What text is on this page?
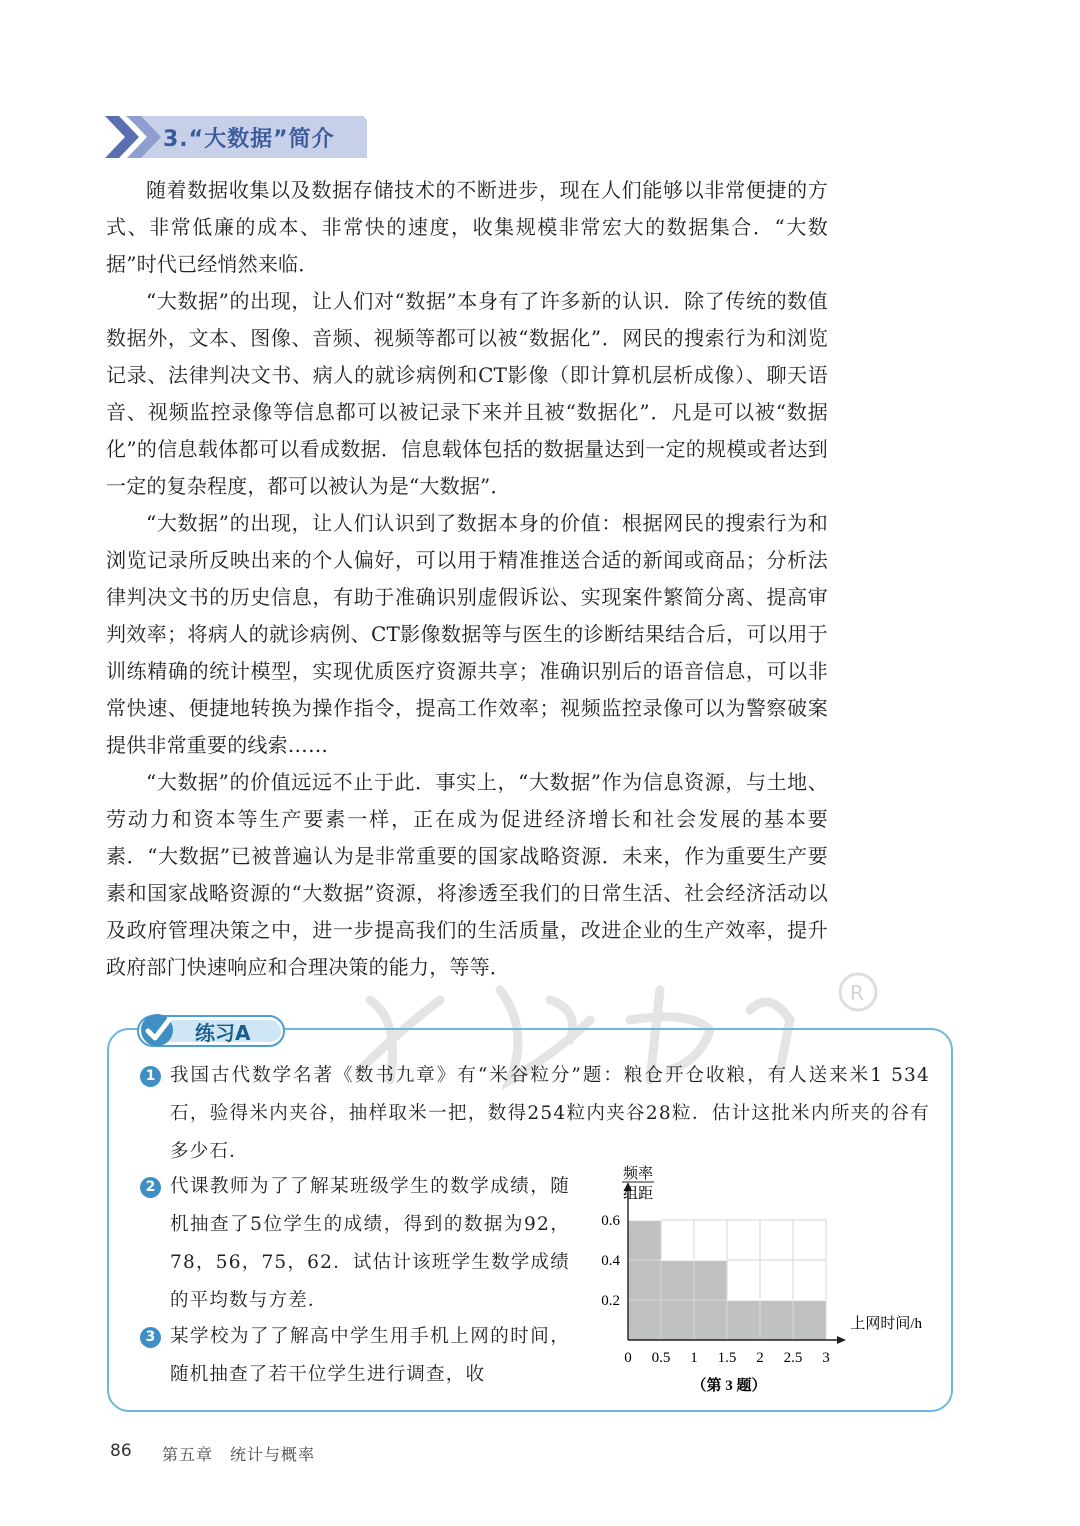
3.“大数据”简介
R

随着数据收集以及数据存储技术的不断进步，现在人们能够以非常便捷的方式、非常低廉的成本、非常快的速度，收集规模非常宏大的数据集合．“大数据”时代已经悄然来临．

“大数据”的出现，让人们对“数据”本身有了许多新的认识．除了传统的数值数据外，文本、图像、音频、视频等都可以被“数据化”．网民的搜索行为和浏览记录、法律判决文书、病人的就诊病例和CT影像（即计算机层析成像）、聊天语音、视频监控录像等信息都可以被记录下来并且被“数据化”．凡是可以被“数据化”的信息载体都可以看成数据．信息载体包括的数据量达到一定的规模或者达到一定的复杂程度，都可以被认为是“大数据”．

“大数据”的出现，让人们认识到了数据本身的价值：根据网民的搜索行为和浏览记录所反映出来的个人偏好，可以用于精准推送合适的新闻或商品；分析法律判决文书的历史信息，有助于准确识别虚假诉讼、实现案件繁简分离、提高审判效率；将病人的就诊病例、CT影像数据等与医生的诊断结果结合后，可以用于训练精确的统计模型，实现优质医疗资源共享；准确识别后的语音信息，可以非常快速、便捷地转换为操作指令，提高工作效率；视频监控录像可以为警察破案提供非常重要的线索……

“大数据”的价值远远不止于此．事实上，“大数据”作为信息资源，与土地、劳动力和资本等生产要素一样，正在成为促进经济增长和社会发展的基本要素．“大数据”已被普遍认为是非常重要的国家战略资源．未来，作为重要生产要素和国家战略资源的“大数据”资源，将渗透至我们的日常生活、社会经济活动以及政府管理决策之中，进一步提高我们的生活质量，改进企业的生产效率，提升政府部门快速响应和合理决策的能力，等等．

练习A
1 我国古代数学名著《数书九章》有“米谷粒分”题：粮仓开仓收粮，有人送来米1 534石，验得米内夹谷，抽样取米一把，数得254粒内夹谷28粒．估计这批米内所夹的谷有多少石．
2 代课教师为了了解某班级学生的数学成绩，随机抽查了5位学生的成绩，得到的数据为92，78，56，75，62．试估计该班学生数学成绩的平均数与方差．
3 某学校为了了解高中学生用手机上网的时间，随机抽查了若干位学生进行调查，收
频率
组距
0.2
0.4
0.6
0 0.5 1 1.5 2 2.5 3
上网时间/h
（第 3 题）
86 第五章　统计与概率
